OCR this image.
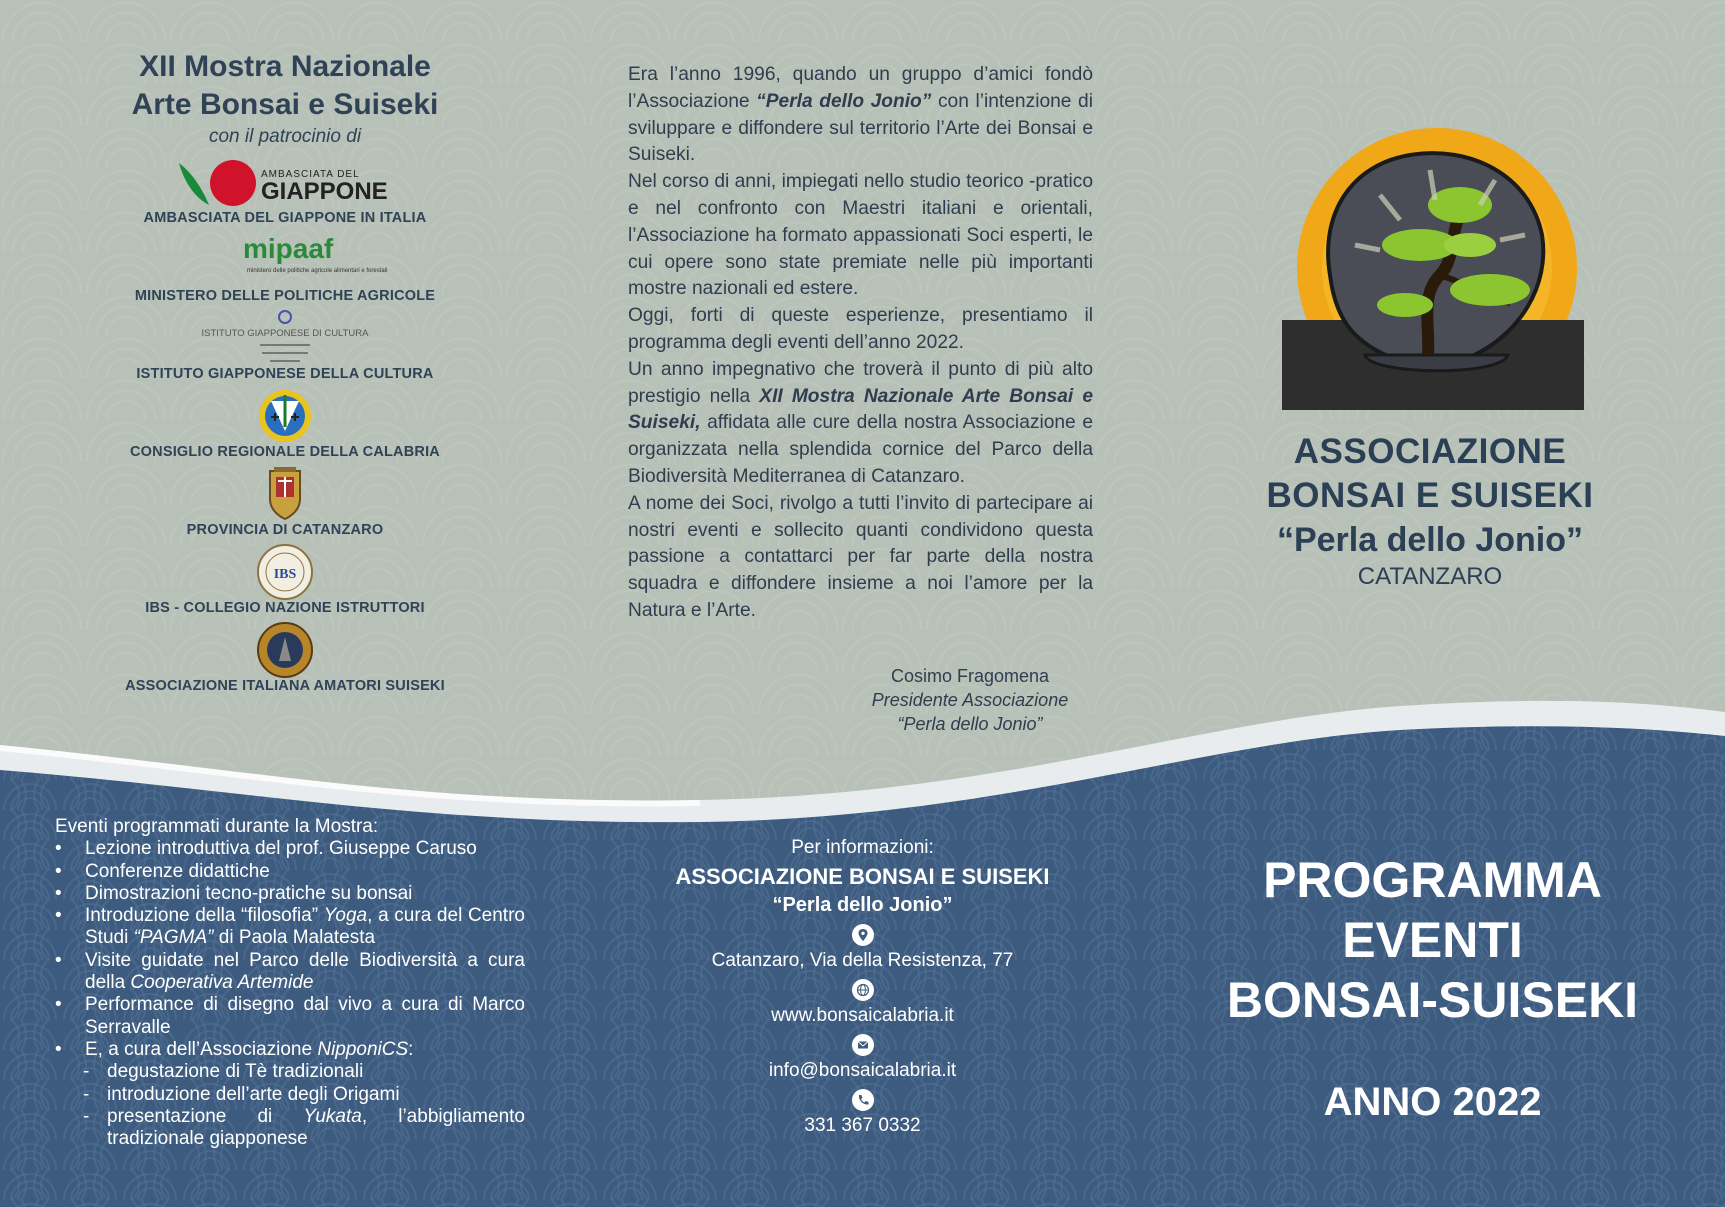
XII Mostra Nazionale
Arte Bonsai e Suiseki
con il patrocinio di
AMBASCIATA DEL
GIAPPONE
AMBASCIATA DEL GIAPPONE IN ITALIA
mipaaf
ministero delle politiche agricole alimentari e forestali
MINISTERO DELLE POLITICHE AGRICOLE
ISTITUTO GIAPPONESE DI CULTURA
ISTITUTO GIAPPONESE DELLA CULTURA
CONSIGLIO REGIONALE DELLA CALABRIA
PROVINCIA DI CATANZARO
IBS
IBS - COLLEGIO NAZIONE ISTRUTTORI
ASSOCIAZIONE ITALIANA AMATORI SUISEKI

Era l’anno 1996, quando un gruppo d’amici fondò l’Associazione “Perla dello Jonio” con l’intenzione di sviluppare e diffondere sul territorio l’Arte dei Bonsai e Suiseki.

Nel corso di anni, impiegati nello studio teorico -pratico e nel confronto con Maestri italiani e orientali, l’Associazione ha formato appassionati Soci esperti, le cui opere sono state premiate nelle più importanti mostre nazionali ed estere.

Oggi, forti di queste esperienze, presentiamo il programma degli eventi dell’anno 2022.

Un anno impegnativo che troverà il punto di più alto prestigio nella XII Mostra Nazionale Arte Bonsai e Suiseki, affidata alle cure della nostra Associazione e organizzata nella splendida cornice del Parco della Biodiversità Mediterranea di Catanzaro.

A nome dei Soci, rivolgo a tutti l’invito di partecipare ai nostri eventi e sollecito quanti condividono questa passione a contattarci per far parte della nostra squadra e diffondere insieme a noi l’amore per la Natura e l’Arte.

Cosimo Fragomena
Presidente Associazione
“Perla dello Jonio”
ASSOCIAZIONE
BONSAI E SUISEKI
“Perla dello Jonio”
CATANZARO

Eventi programmati durante la Mostra:

• Lezione introduttiva del prof. Giuseppe Caruso
• Conferenze didattiche
• Dimostrazioni tecno-pratiche su bonsai
• Introduzione della “filosofia” Yoga, a cura del Centro Studi “PAGMA” di Paola Malatesta
• Visite guidate nel Parco delle Biodiversità a cura della Cooperativa Artemide
• Performance di disegno dal vivo a cura di Marco Serravalle
• E, a cura dell’Associazione NipponiCS:
- degustazione di Tè tradizionali
- introduzione dell’arte degli Origami
- presentazione di Yukata, l’abbigliamento tradizionale giapponese
Per informazioni:
ASSOCIAZIONE BONSAI E SUISEKI
“Perla dello Jonio”
Catanzaro, Via della Resistenza, 77
www.bonsaicalabria.it
info@bonsaicalabria.it
331 367 0332
PROGRAMMA
EVENTI
BONSAI-SUISEKI
ANNO 2022
